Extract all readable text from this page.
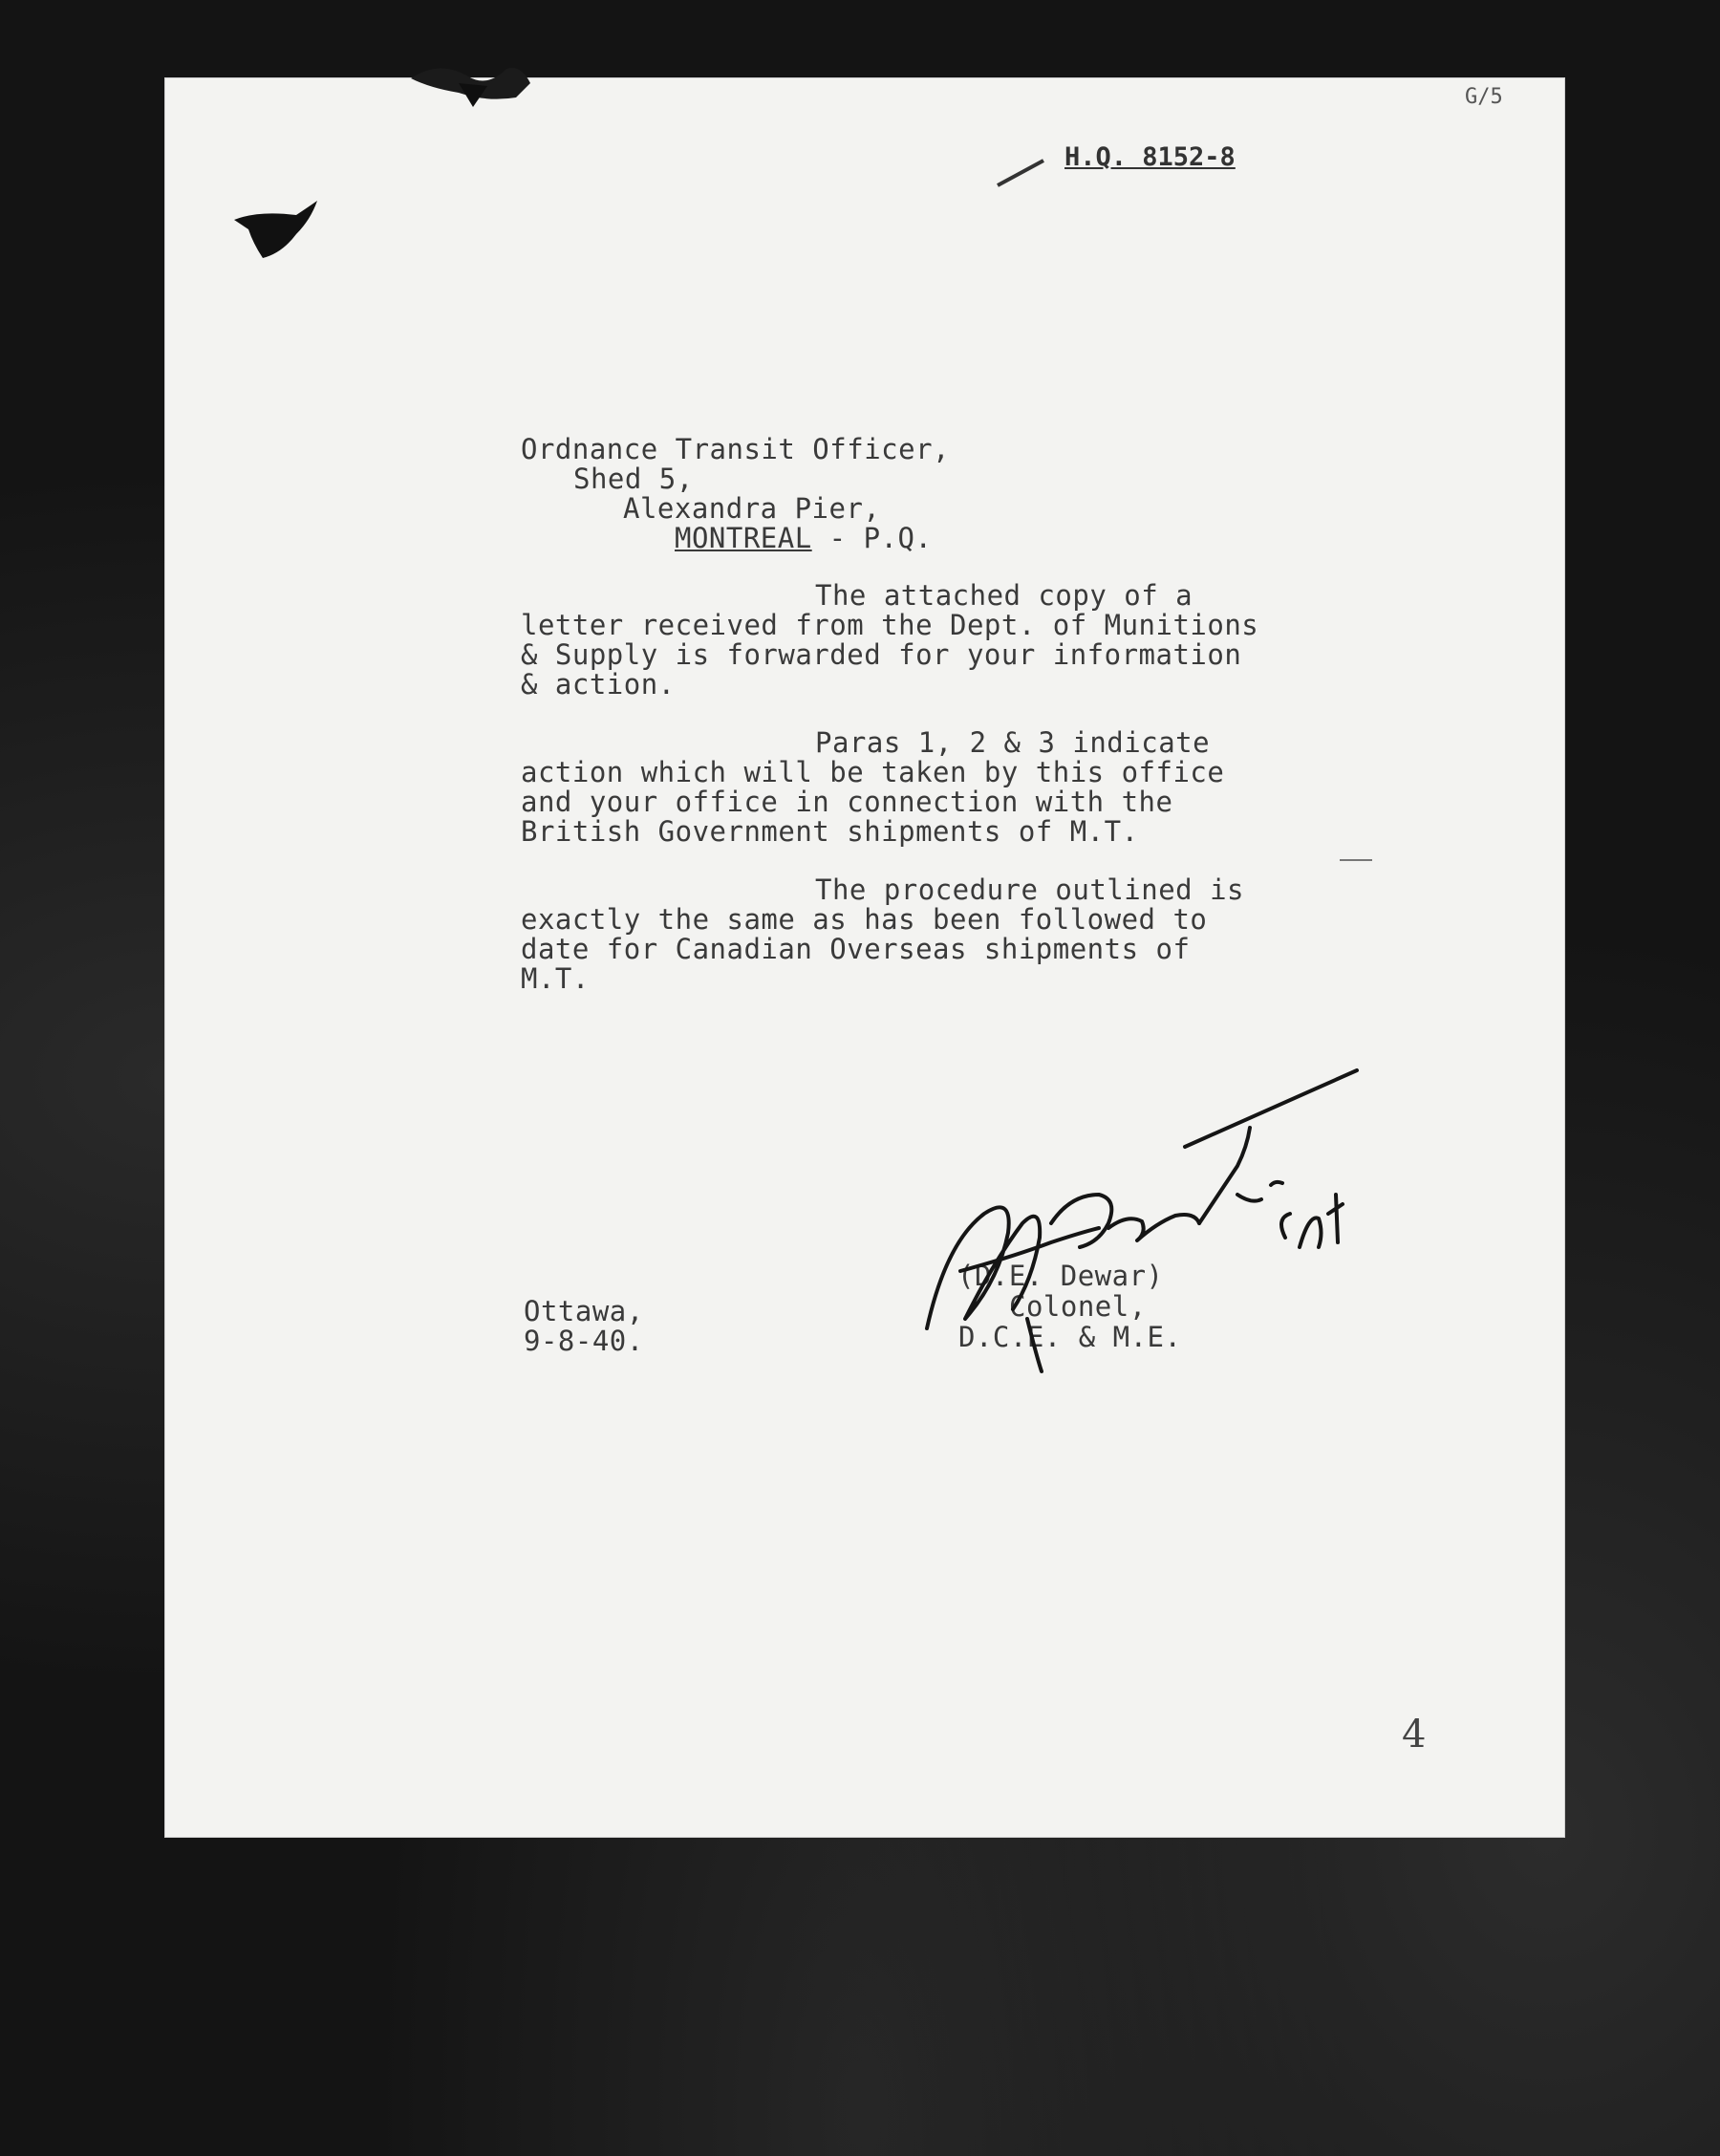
G/5
H.Q. 8152-8
Ordnance Transit Officer,
Shed 5,
Alexandra Pier,
MONTREAL - P.Q.
The attached copy of a
letter received from the Dept. of Munitions
& Supply is forwarded for your information
& action.
Paras 1, 2 & 3 indicate
action which will be taken by this office
and your office in connection with the
British Government shipments of M.T.
The procedure outlined is
exactly the same as has been followed to
date for Canadian Overseas shipments of
M.T.
Ottawa,
9-8-40.
(D.E. Dewar)
Colonel,
D.C.E. & M.E.
4
